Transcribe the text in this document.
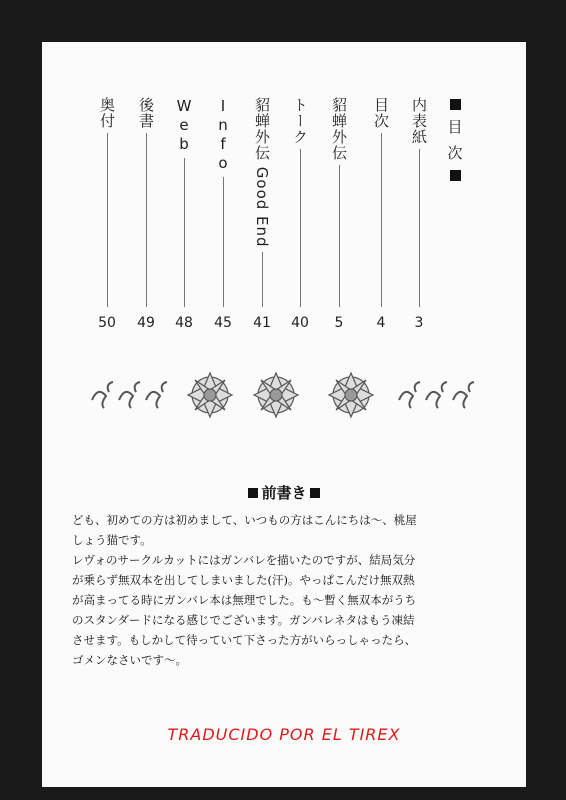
目
次
内表紙
3
目次
4
貂蝉外伝
5
トーク
40
貂蝉外伝 Good End
41
Info
45
Web
48
後書
49
奥付
50
前書き

ども、初めての方は初めまして、いつもの方はこんにちは〜、桃屋

しょう猫です。

レヴォのサークルカットにはガンバレを描いたのですが、結局気分

が乗らず無双本を出してしまいました(汗)。やっぱこんだけ無双熱

が高まってる時にガンバレ本は無理でした。も〜暫く無双本がうち

のスタンダードになる感じでございます。ガンバレネタはもう凍結

させます。もしかして待っていて下さった方がいらっしゃったら、

ゴメンなさいです〜。

TRADUCIDO POR EL TIREX
